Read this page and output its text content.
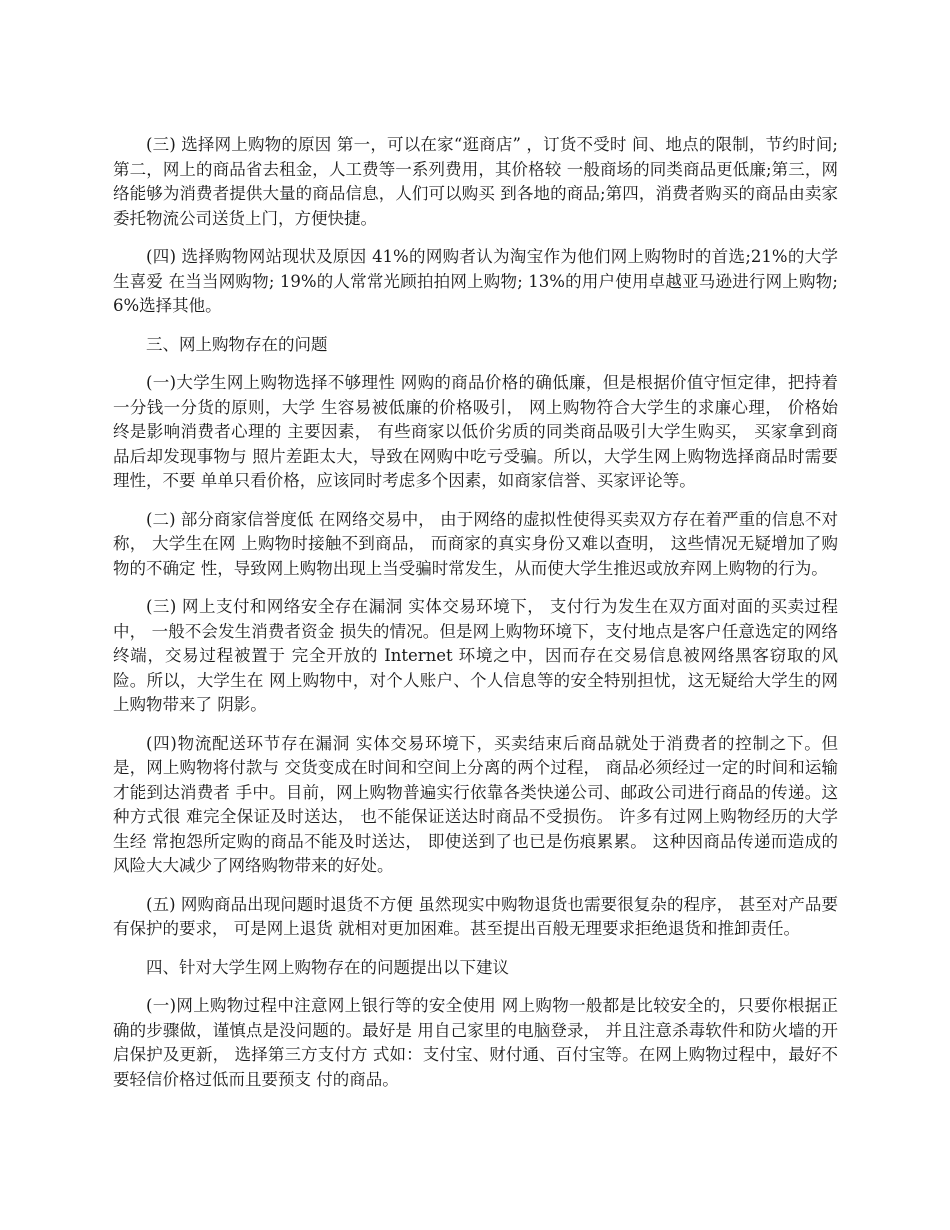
(三) 选择网上购物的原因 第一，可以在家“逛商店” ，订货不受时 间、地点的限制，节约时间;第二，网上的商品省去租金，人工费等一系列费用，其价格较 一般商场的同类商品更低廉;第三，网络能够为消费者提供大量的商品信息，人们可以购买 到各地的商品;第四，消费者购买的商品由卖家委托物流公司送货上门，方便快捷。

(四) 选择购物网站现状及原因 41%的网购者认为淘宝作为他们网上购物时的首选;21%的大学生喜爱 在当当网购物; 19%的人常常光顾拍拍网上购物; 13%的用户使用卓越亚马逊进行网上购物; 6%选择其他。

三、网上购物存在的问题

(一)大学生网上购物选择不够理性 网购的商品价格的确低廉，但是根据价值守恒定律，把持着一分钱一分货的原则，大学 生容易被低廉的价格吸引， 网上购物符合大学生的求廉心理， 价格始终是影响消费者心理的 主要因素， 有些商家以低价劣质的同类商品吸引大学生购买， 买家拿到商品后却发现事物与 照片差距太大，导致在网购中吃亏受骗。所以，大学生网上购物选择商品时需要理性，不要 单单只看价格，应该同时考虑多个因素，如商家信誉、买家评论等。

(二) 部分商家信誉度低 在网络交易中， 由于网络的虚拟性使得买卖双方存在着严重的信息不对称， 大学生在网 上购物时接触不到商品， 而商家的真实身份又难以查明， 这些情况无疑增加了购物的不确定 性，导致网上购物出现上当受骗时常发生，从而使大学生推迟或放弃网上购物的行为。

(三) 网上支付和网络安全存在漏洞 实体交易环境下， 支付行为发生在双方面对面的买卖过程中， 一般不会发生消费者资金 损失的情况。但是网上购物环境下，支付地点是客户任意选定的网络终端，交易过程被置于 完全开放的 Internet 环境之中，因而存在交易信息被网络黑客窃取的风险。所以，大学生在 网上购物中，对个人账户、个人信息等的安全特别担忧，这无疑给大学生的网上购物带来了 阴影。

(四)物流配送环节存在漏洞 实体交易环境下，买卖结束后商品就处于消费者的控制之下。但是，网上购物将付款与 交货变成在时间和空间上分离的两个过程， 商品必须经过一定的时间和运输才能到达消费者 手中。目前，网上购物普遍实行依靠各类快递公司、邮政公司进行商品的传递。这种方式很 难完全保证及时送达， 也不能保证送达时商品不受损伤。 许多有过网上购物经历的大学生经 常抱怨所定购的商品不能及时送达， 即使送到了也已是伤痕累累。 这种因商品传递而造成的 风险大大减少了网络购物带来的好处。

(五) 网购商品出现问题时退货不方便 虽然现实中购物退货也需要很复杂的程序， 甚至对产品要有保护的要求， 可是网上退货 就相对更加困难。甚至提出百般无理要求拒绝退货和推卸责任。

四、针对大学生网上购物存在的问题提出以下建议

(一)网上购物过程中注意网上银行等的安全使用 网上购物一般都是比较安全的，只要你根据正确的步骤做，谨慎点是没问题的。最好是 用自己家里的电脑登录， 并且注意杀毒软件和防火墙的开启保护及更新， 选择第三方支付方 式如：支付宝、财付通、百付宝等。在网上购物过程中，最好不要轻信价格过低而且要预支 付的商品。
